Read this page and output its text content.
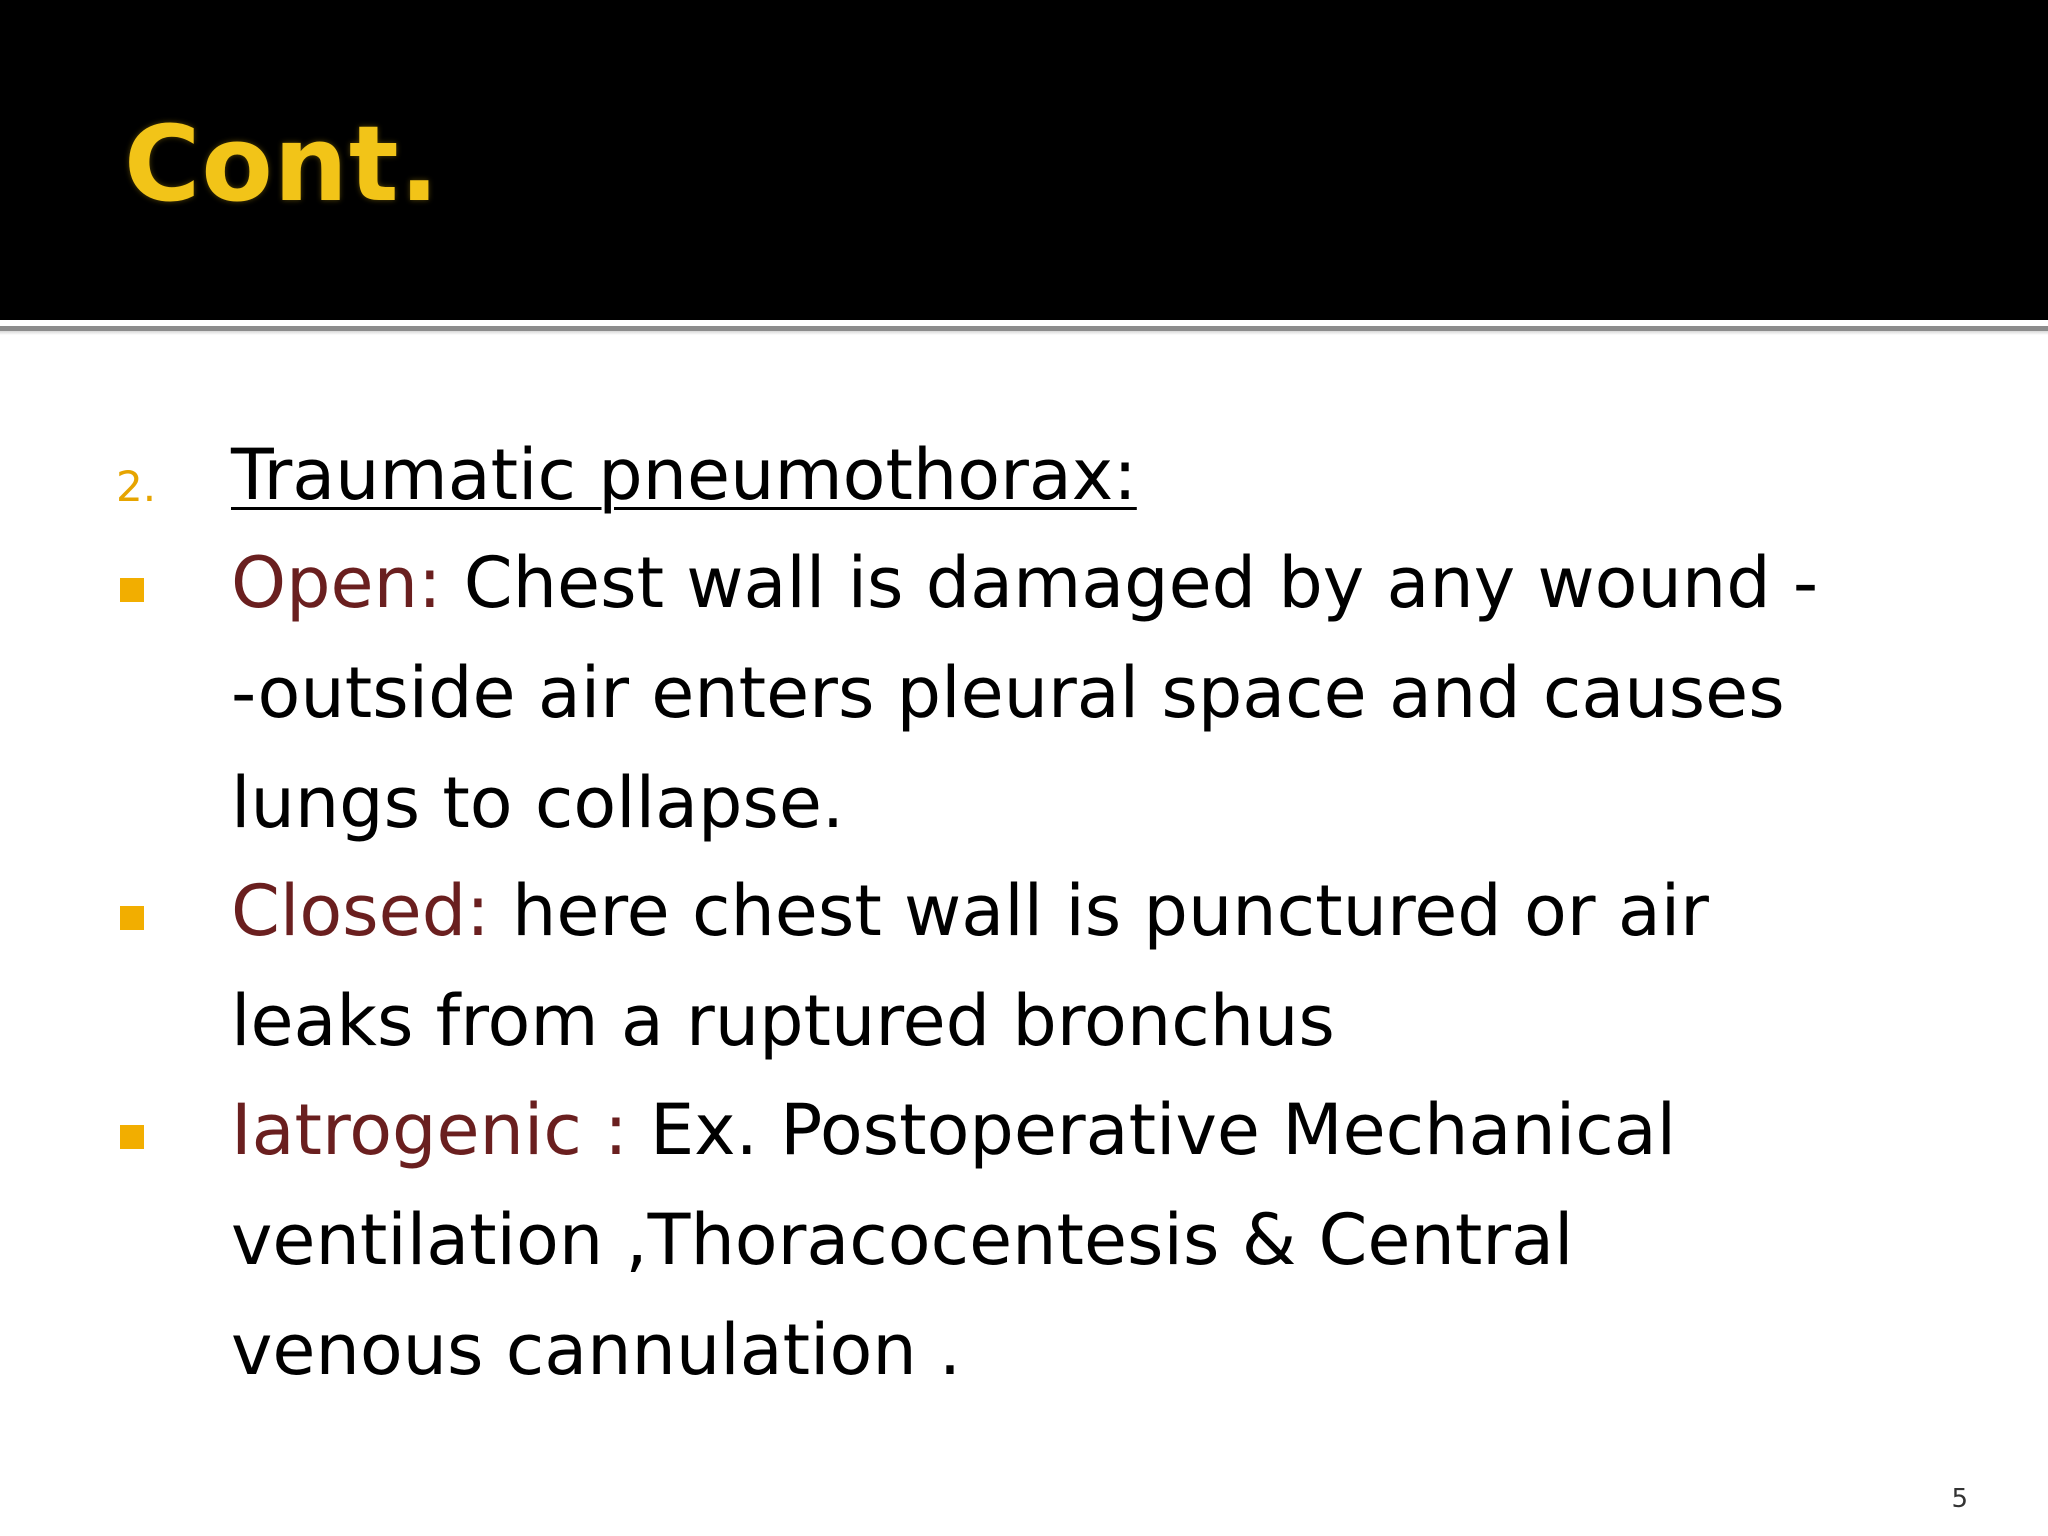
Cont.
2. Traumatic pneumothorax:
Open: Chest wall is damaged by any wound -
-outside air enters pleural space and causes
lungs to collapse.
Closed: here chest wall is punctured or air
leaks from a ruptured bronchus
Iatrogenic : Ex. Postoperative Mechanical
ventilation ,Thoracocentesis & Central
venous cannulation .
5
